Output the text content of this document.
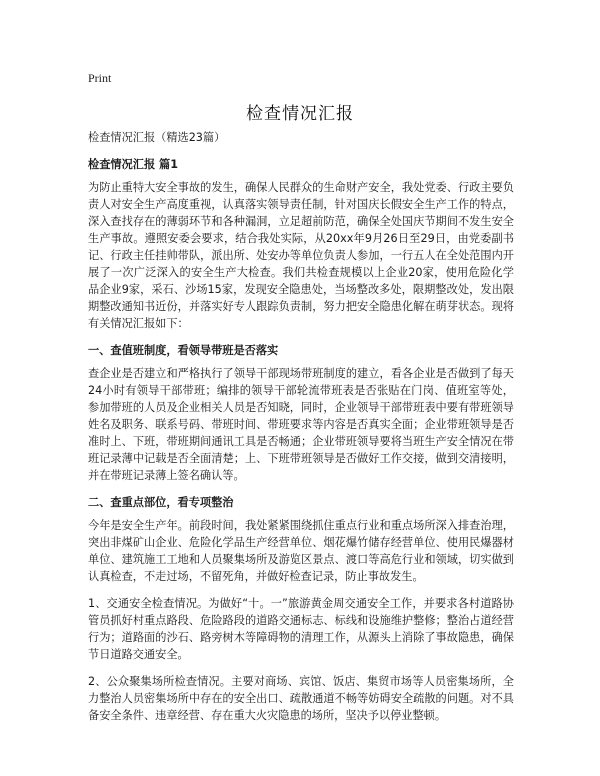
Print
检查情况汇报

检查情况汇报（精选23篇）

检查情况汇报 篇1

为防止重特大安全事故的发生，确保人民群众的生命财产安全，我处党委、行政主要负责人对安全生产高度重视，认真落实领导责任制，针对国庆长假安全生产工作的特点，深入查找存在的薄弱环节和各种漏洞，立足超前防范，确保全处国庆节期间不发生安全生产事故。遵照安委会要求，结合我处实际，从20xx年9月26日至29日，由党委副书记、行政主任挂帅带队，派出所、处安办等单位负责人参加，一行五人在全处范围内开展了一次广泛深入的安全生产大检查。我们共检查规模以上企业20家，使用危险化学品企业9家，采石、沙场15家，发现安全隐患处，当场整改多处，限期整改处，发出限期整改通知书近份，并落实好专人跟踪负责制，努力把安全隐患化解在萌芽状态。现将有关情况汇报如下：

一、查值班制度，看领导带班是否落实

查企业是否建立和严格执行了领导干部现场带班制度的建立，看各企业是否做到了每天24小时有领导干部带班；编排的领导干部轮流带班表是否张贴在门岗、值班室等处，参加带班的人员及企业相关人员是否知晓，同时，企业领导干部带班表中要有带班领导姓名及职务、联系号码、带班时间、带班要求等内容是否真实全面；企业带班领导是否准时上、下班，带班期间通讯工具是否畅通；企业带班领导要将当班生产安全情况在带班记录薄中记载是否全面清楚；上、下班带班领导是否做好工作交接，做到交清接明，并在带班记录薄上签名确认等。

二、查重点部位，看专项整治

今年是安全生产年。前段时间，我处紧紧围绕抓住重点行业和重点场所深入排查治理，突出非煤矿山企业、危险化学品生产经营单位、烟花爆竹储存经营单位、使用民爆器材单位、建筑施工工地和人员聚集场所及游览区景点、渡口等高危行业和领域，切实做到认真检查，不走过场，不留死角，并做好检查记录，防止事故发生。

1、交通安全检查情况。为做好“十。一”旅游黄金周交通安全工作，并要求各村道路协管员抓好村重点路段、危险路段的道路交通标志、标线和设施维护整修；整治占道经营行为；道路面的沙石、路旁树木等障碍物的清理工作，从源头上消除了事故隐患，确保节日道路交通安全。

2、公众聚集场所检查情况。主要对商场、宾馆、饭店、集贸市场等人员密集场所，全力整治人员密集场所中存在的安全出口、疏散通道不畅等妨碍安全疏散的问题。对不具备安全条件、违章经营、存在重大火灾隐患的场所，坚决予以停业整顿。
